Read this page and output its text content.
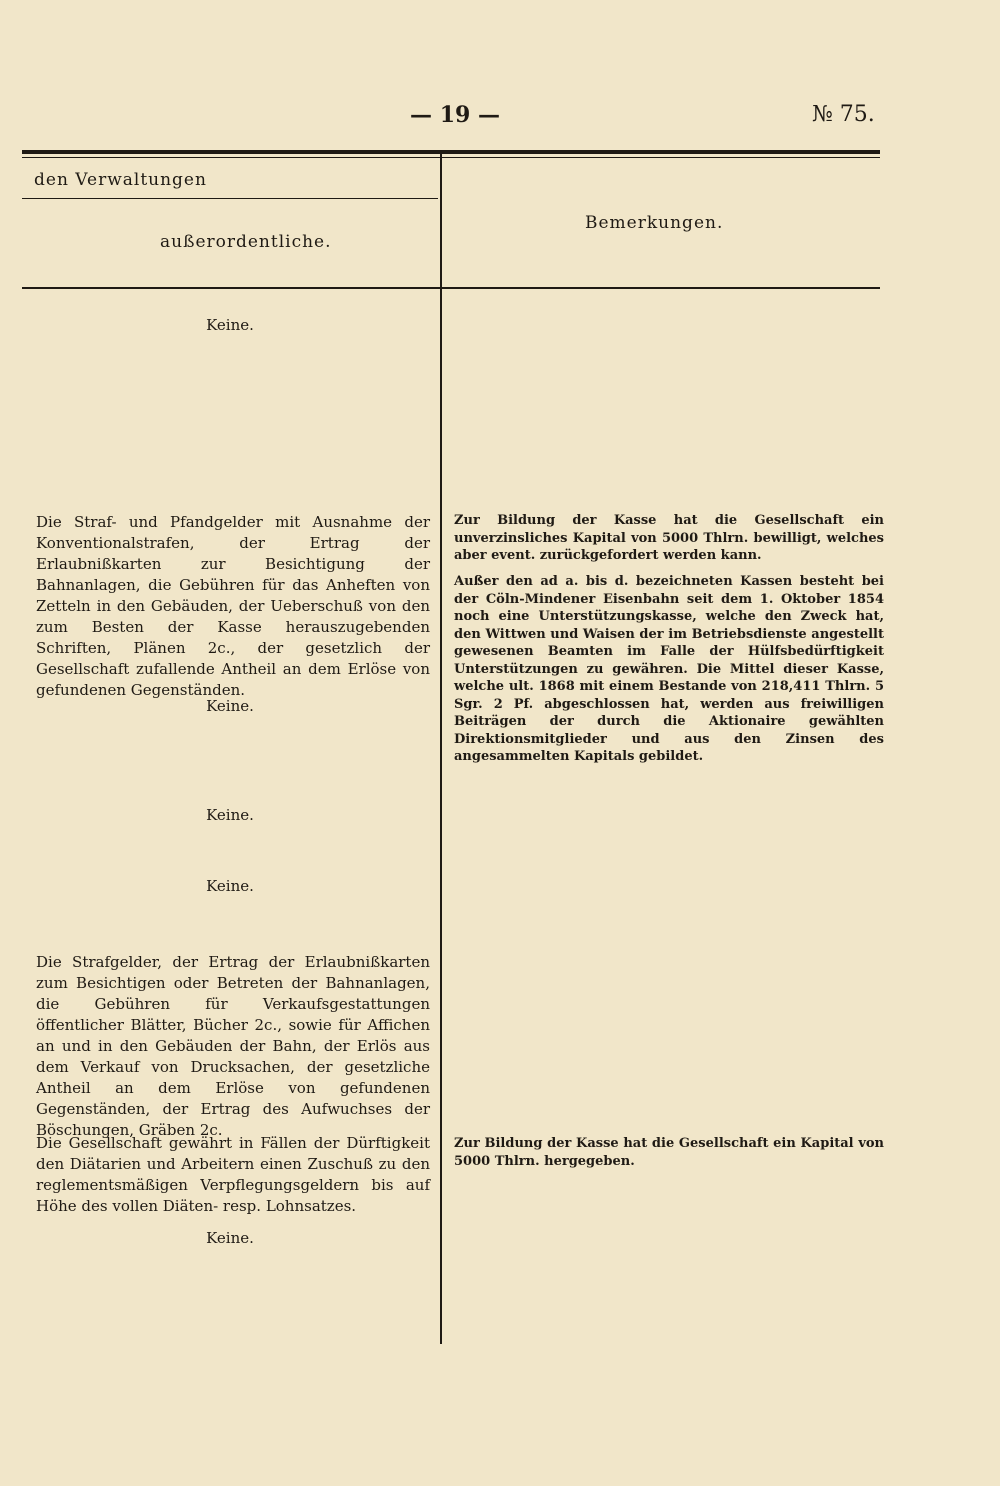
— 19 —	№ 75.
den Verwaltungen
außerordentliche.
Bemerkungen.
Keine.
Die Straf- und Pfandgelder mit Ausnahme der Konventionalstrafen, der Ertrag der Erlaubnißkarten zur Besichtigung der Bahnanlagen, die Gebühren für das Anheften von Zetteln in den Gebäuden, der Ueberschuß von den zum Besten der Kasse herauszugebenden Schriften, Plänen 2c., der gesetzlich der Gesellschaft zufallende Antheil an dem Erlöse von gefundenen Gegenständen.
Keine.
Keine.
Keine.
Die Strafgelder, der Ertrag der Erlaubnißkarten zum Besichtigen oder Betreten der Bahnanlagen, die Gebühren für Verkaufsgestattungen öffentlicher Blätter, Bücher 2c., sowie für Affichen an und in den Gebäuden der Bahn, der Erlös aus dem Verkauf von Drucksachen, der gesetzliche Antheil an dem Erlöse von gefundenen Gegenständen, der Ertrag des Aufwuchses der Böschungen, Gräben 2c.
Die Gesellschaft gewährt in Fällen der Dürftigkeit den Diätarien und Arbeitern einen Zuschuß zu den reglementsmäßigen Verpflegungsgeldern bis auf Höhe des vollen Diäten- resp. Lohnsatzes.
Keine.
Zur Bildung der Kasse hat die Gesellschaft ein unverzinsliches Kapital von 5000 Thlrn. bewilligt, welches aber event. zurückgefordert werden kann.
Außer den ad a. bis d. bezeichneten Kassen besteht bei der Cöln-Mindener Eisenbahn seit dem 1. Oktober 1854 noch eine Unterstützungskasse, welche den Zweck hat, den Wittwen und Waisen der im Betriebsdienste angestellt gewesenen Beamten im Falle der Hülfsbedürftigkeit Unterstützungen zu gewähren. Die Mittel dieser Kasse, welche ult. 1868 mit einem Bestande von 218,411 Thlrn. 5 Sgr. 2 Pf. abgeschlossen hat, werden aus freiwilligen Beiträgen der durch die Aktionaire gewählten Direktionsmitglieder und aus den Zinsen des angesammelten Kapitals gebildet.
Zur Bildung der Kasse hat die Gesellschaft ein Kapital von 5000 Thlrn. hergegeben.
